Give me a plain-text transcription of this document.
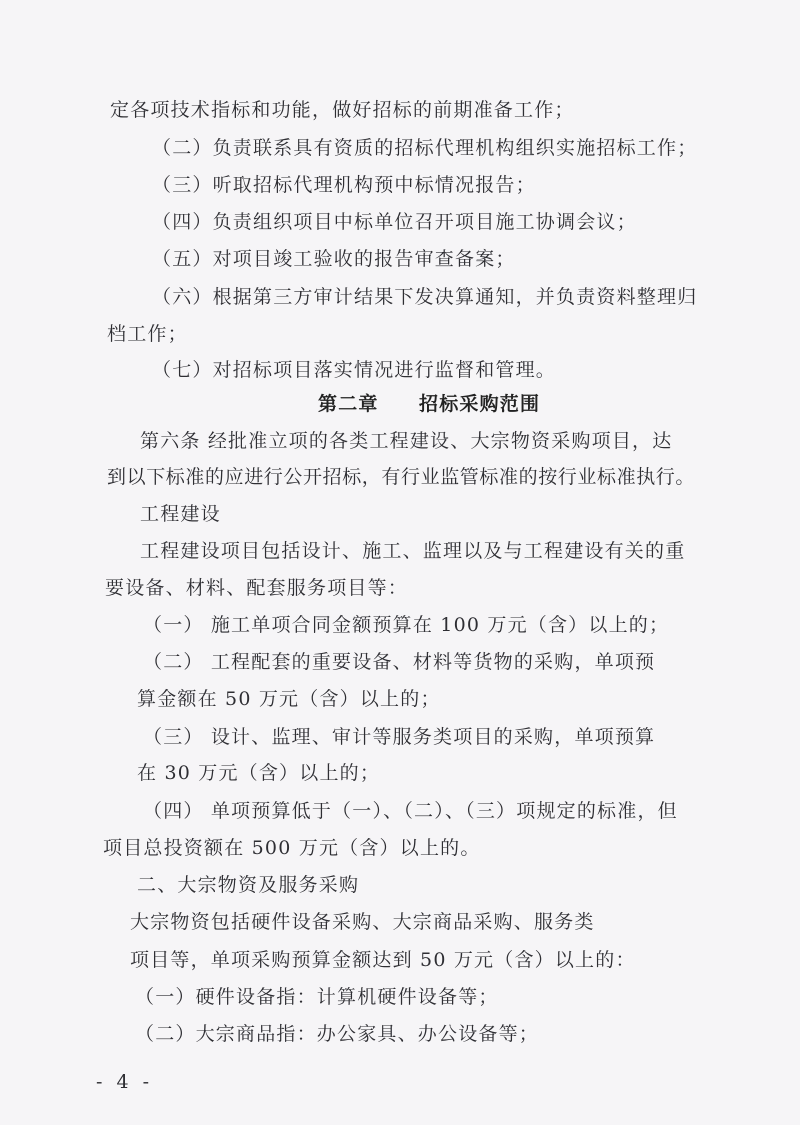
定各项技术指标和功能，做好招标的前期准备工作；
（二）负责联系具有资质的招标代理机构组织实施招标工作；
（三）听取招标代理机构预中标情况报告；
（四）负责组织项目中标单位召开项目施工协调会议；
（五）对项目竣工验收的报告审查备案；
（六）根据第三方审计结果下发决算通知，并负责资料整理归
档工作；
（七）对招标项目落实情况进行监督和管理。
第二章　　招标采购范围
第六条 经批准立项的各类工程建设、大宗物资采购项目，达
到以下标准的应进行公开招标，有行业监管标准的按行业标准执行。
工程建设
工程建设项目包括设计、施工、监理以及与工程建设有关的重
要设备、材料、配套服务项目等：
（一） 施工单项合同金额预算在 100 万元（含）以上的；
（二） 工程配套的重要设备、材料等货物的采购，单项预
算金额在 50 万元（含）以上的；
（三） 设计、监理、审计等服务类项目的采购，单项预算
在 30 万元（含）以上的；
（四） 单项预算低于（一）、（二）、（三）项规定的标准，但
项目总投资额在 500 万元（含）以上的。
二、大宗物资及服务采购
大宗物资包括硬件设备采购、大宗商品采购、服务类
项目等，单项采购预算金额达到 50 万元（含）以上的：
（一）硬件设备指：计算机硬件设备等；
（二）大宗商品指：办公家具、办公设备等；
- 4 -
